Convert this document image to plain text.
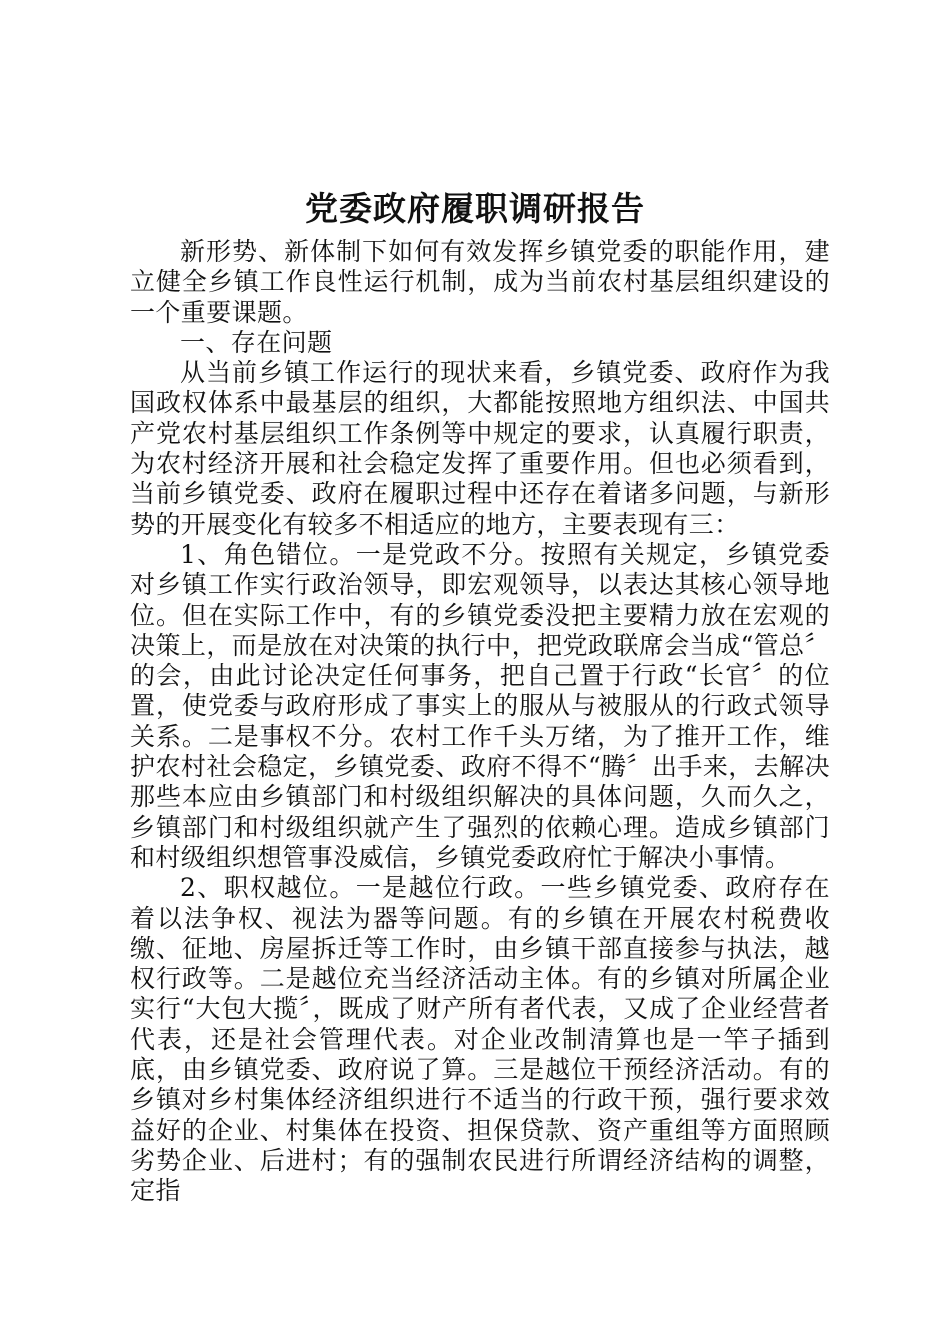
党委政府履职调研报告

新形势、新体制下如何有效发挥乡镇党委的职能作用，建立健全乡镇工作良性运行机制，成为当前农村基层组织建设的一个重要课题。

一、存在问题

从当前乡镇工作运行的现状来看，乡镇党委、政府作为我国政权体系中最基层的组织，大都能按照地方组织法、中国共产党农村基层组织工作条例等中规定的要求，认真履行职责，为农村经济开展和社会稳定发挥了重要作用。但也必须看到，当前乡镇党委、政府在履职过程中还存在着诸多问题，与新形势的开展变化有较多不相适应的地方，主要表现有三：

1、角色错位。一是党政不分。按照有关规定，乡镇党委对乡镇工作实行政治领导，即宏观领导，以表达其核心领导地位。但在实际工作中，有的乡镇党委没把主要精力放在宏观的决策上，而是放在对决策的执行中，把党政联席会当成“管总〞的会，由此讨论决定任何事务，把自己置于行政“长官〞的位置，使党委与政府形成了事实上的服从与被服从的行政式领导关系。二是事权不分。农村工作千头万绪，为了推开工作，维护农村社会稳定，乡镇党委、政府不得不“腾〞出手来，去解决那些本应由乡镇部门和村级组织解决的具体问题，久而久之，乡镇部门和村级组织就产生了强烈的依赖心理。造成乡镇部门和村级组织想管事没威信，乡镇党委政府忙于解决小事情。

2、职权越位。一是越位行政。一些乡镇党委、政府存在着以法争权、视法为器等问题。有的乡镇在开展农村税费收缴、征地、房屋拆迁等工作时，由乡镇干部直接参与执法，越权行政等。二是越位充当经济活动主体。有的乡镇对所属企业实行“大包大揽〞，既成了财产所有者代表，又成了企业经营者代表，还是社会管理代表。对企业改制清算也是一竿子插到底，由乡镇党委、政府说了算。三是越位干预经济活动。有的乡镇对乡村集体经济组织进行不适当的行政干预，强行要求效益好的企业、村集体在投资、担保贷款、资产重组等方面照顾劣势企业、后进村；有的强制农民进行所谓经济结构的调整，定指
